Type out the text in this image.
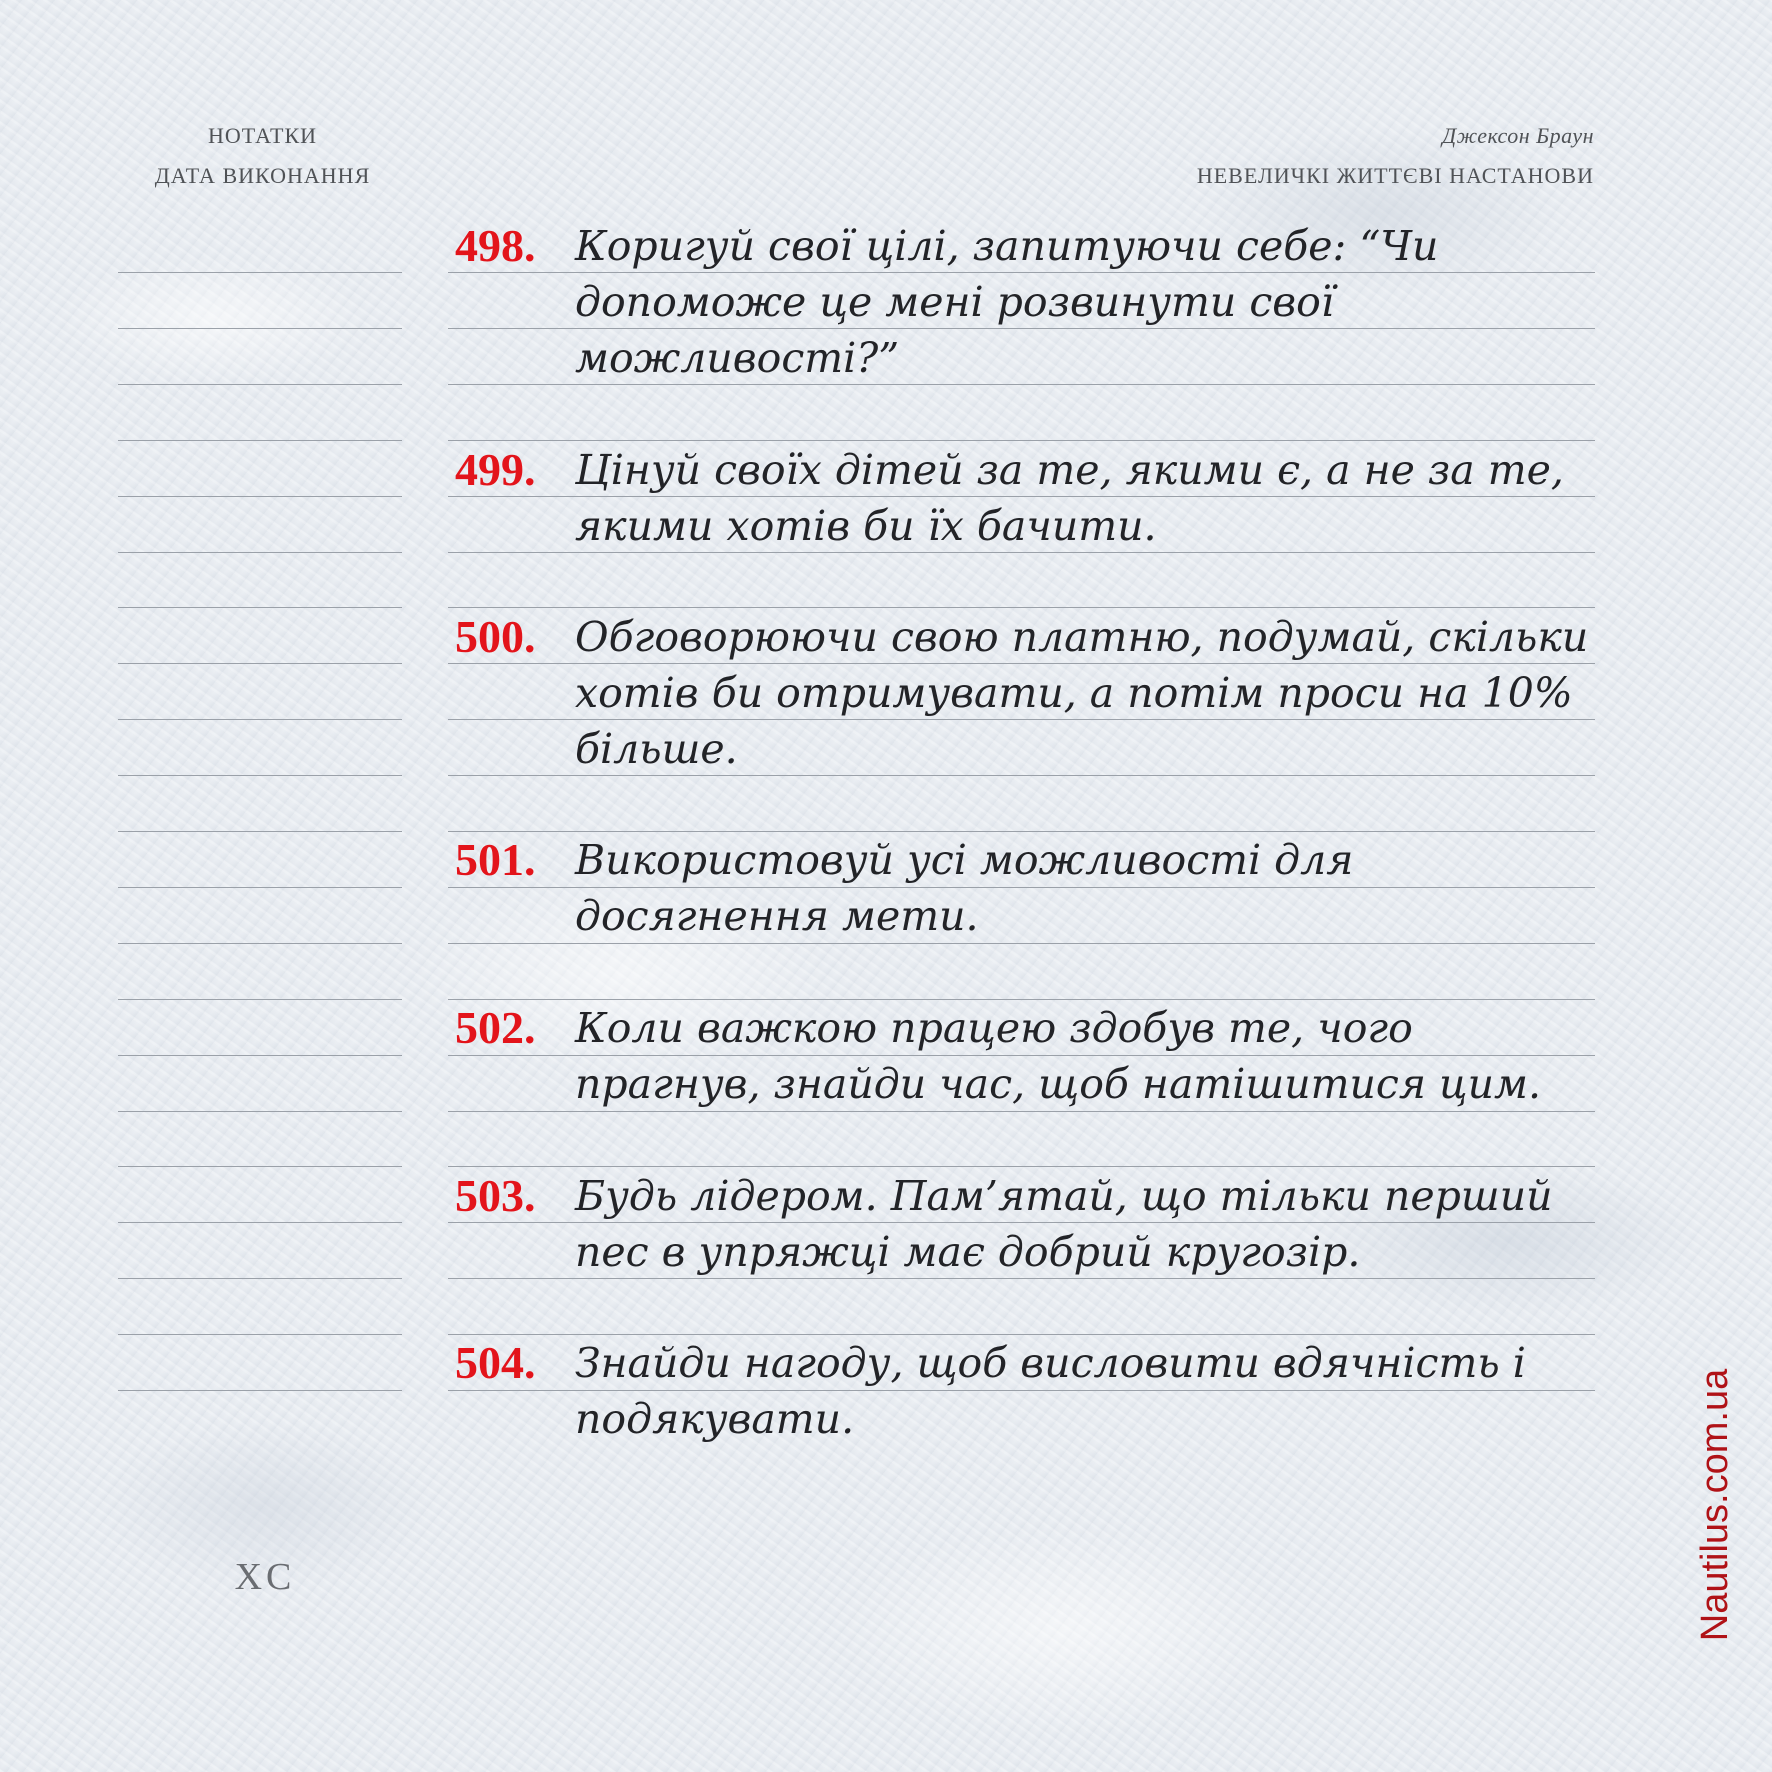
НОТАТКИ
ДАТА ВИКОНАННЯ
Джексон Браун
НЕВЕЛИЧКІ ЖИТТЄВІ НАСТАНОВИ
498. Коригуй свої цілі, запитуючи себе: “Чи допоможе це мені розвинути свої можливості?”
499. Цінуй своїх дітей за те, якими є, а не за те, якими хотів би їх бачити.
500. Обговорюючи свою платню, подумай, скільки хотів би отримувати, а потім проси на 10% більше.
501. Використовуй усі можливості для досягнення мети.
502. Коли важкою працею здобув те, чого прагнув, знайди час, щоб натішитися цим.
503. Будь лідером. Пам’ятай, що тільки перший пес в упряжці має добрий кругозір.
504. Знайди нагоду, щоб висловити вдячність і подякувати.
XC	Nautilus.com.ua
